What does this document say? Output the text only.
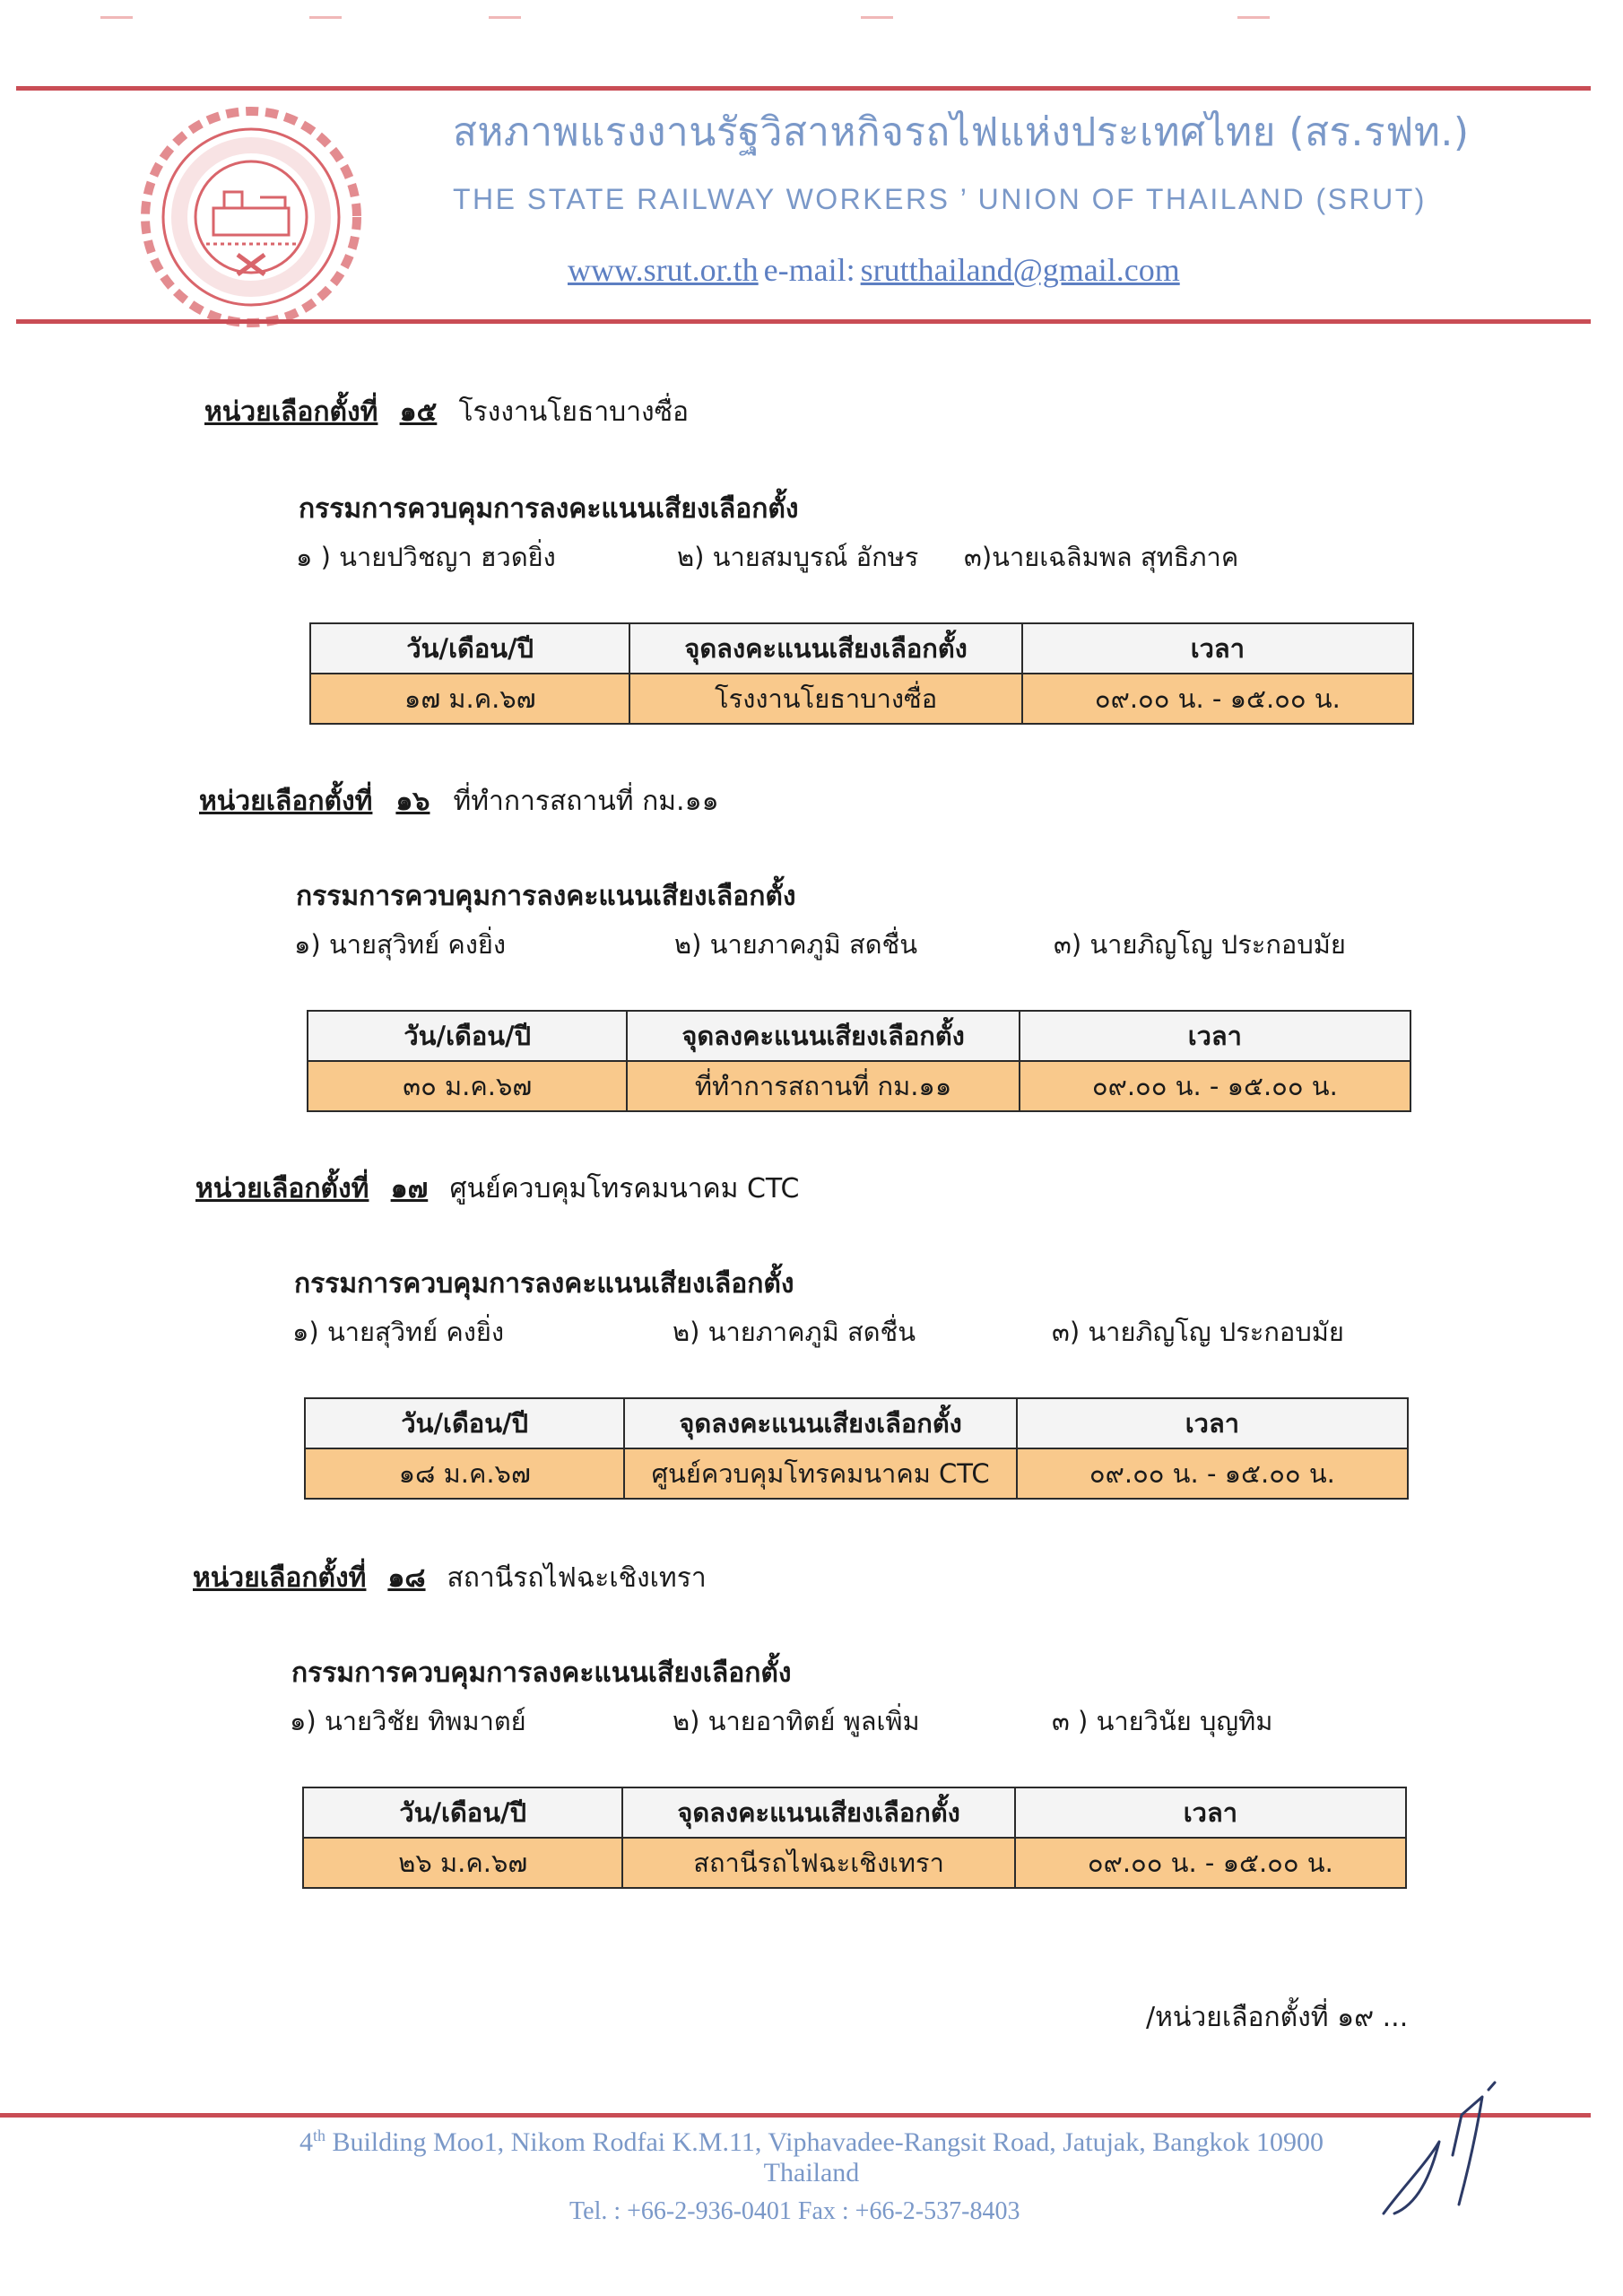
สหภาพแรงงานรัฐวิสาหกิจรถไฟแห่งประเทศไทย (สร.รฟท.)
THE STATE RAILWAY WORKERS ’ UNION OF THAILAND (SRUT)
www.srut.or.th e-mail: srutthailand@gmail.com
หน่วยเลือกตั้งที่ ๑๕ โรงงานโยธาบางซื่อ
กรรมการควบคุมการลงคะแนนเสียงเลือกตั้ง
๑ ) นายปวิชญา ฮวดยิ่ง	๒) นายสมบูรณ์ อักษร ๓)นายเฉลิมพล สุทธิภาค
วัน/เดือน/ปี	จุดลงคะแนนเสียงเลือกตั้ง	เวลา
๑๗ ม.ค.๖๗	โรงงานโยธาบางซื่อ	๐๙.๐๐ น. - ๑๕.๐๐ น.
หน่วยเลือกตั้งที่ ๑๖ ที่ทำการสถานที่ กม.๑๑
กรรมการควบคุมการลงคะแนนเสียงเลือกตั้ง
๑) นายสุวิทย์ คงยิ่ง	๒) นายภาคภูมิ สดชื่น	๓) นายภิญโญ ประกอบมัย
วัน/เดือน/ปี	จุดลงคะแนนเสียงเลือกตั้ง	เวลา
๓๐ ม.ค.๖๗	ที่ทำการสถานที่ กม.๑๑	๐๙.๐๐ น. - ๑๕.๐๐ น.
หน่วยเลือกตั้งที่ ๑๗ ศูนย์ควบคุมโทรคมนาคม CTC
กรรมการควบคุมการลงคะแนนเสียงเลือกตั้ง
๑) นายสุวิทย์ คงยิ่ง	๒) นายภาคภูมิ สดชื่น	๓) นายภิญโญ ประกอบมัย
วัน/เดือน/ปี	จุดลงคะแนนเสียงเลือกตั้ง	เวลา
๑๘ ม.ค.๖๗	ศูนย์ควบคุมโทรคมนาคม CTC	๐๙.๐๐ น. - ๑๕.๐๐ น.
หน่วยเลือกตั้งที่ ๑๘ สถานีรถไฟฉะเชิงเทรา
กรรมการควบคุมการลงคะแนนเสียงเลือกตั้ง
๑) นายวิชัย ทิพมาตย์	๒) นายอาทิตย์ พูลเพิ่ม	๓ ) นายวินัย บุญทิม
วัน/เดือน/ปี	จุดลงคะแนนเสียงเลือกตั้ง	เวลา
๒๖ ม.ค.๖๗	สถานีรถไฟฉะเชิงเทรา	๐๙.๐๐ น. - ๑๕.๐๐ น.
/หน่วยเลือกตั้งที่ ๑๙ ...
4th Building Moo1, Nikom Rodfai K.M.11, Viphavadee-Rangsit Road, Jatujak, Bangkok 10900
Thailand
Tel. : +66-2-936-0401 Fax : +66-2-537-8403
